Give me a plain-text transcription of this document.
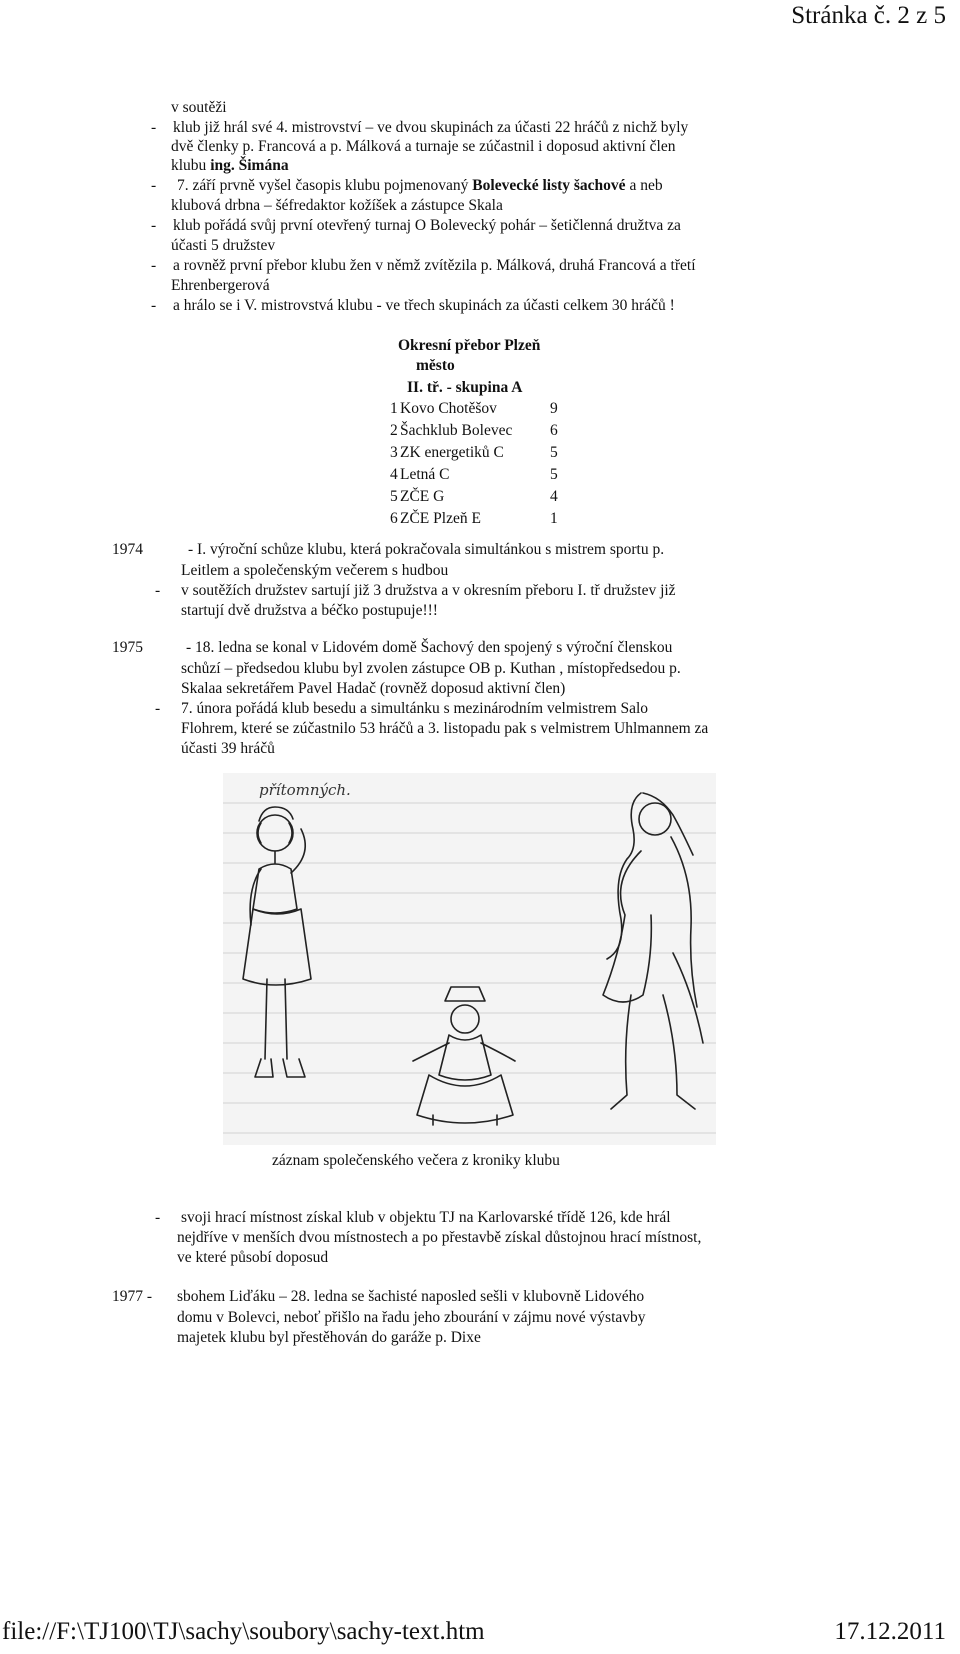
Stránka č. 2 z 5
v soutěži
- klub již hrál své 4. mistrovství – ve dvou skupinách za účasti 22 hráčů z nichž byly
dvě členky p. Francová a p. Málková a turnaje se zúčastnil i doposud aktivní člen
klubu ing. Šimána
- 7. září prvně vyšel časopis klubu pojmenovaný Bolevecké listy šachové a neb
klubová drbna – šéfredaktor kožíšek a zástupce Skala
- klub pořádá svůj první otevřený turnaj O Bolevecký pohár – šetičlenná družtva za
účasti 5 družstev
- a rovněž první přebor klubu žen v němž zvítězila p. Málková, druhá Francová a třetí
Ehrenbergerová
- a hrálo se i V. mistrovstvá klubu - ve třech skupinách za účasti celkem 30 hráčů !
Okresní přebor Plzeň
město
II. tř. - skupina A
1	Kovo Chotěšov	9
2	Šachklub Bolevec	6
3	ZK energetiků C	5
4	Letná C	5
5	ZČE G	4
6	ZČE Plzeň E	1
1974	- I. výroční schůze klubu, která pokračovala simultánkou s mistrem sportu p.
Leitlem a společenským večerem s hudbou
- v soutěžích družstev sartují již 3 družstva a v okresním přeboru I. tř družstev již
startují dvě družstva a béčko postupuje!!!
1975	- 18. ledna se konal v Lidovém domě Šachový den spojený s výroční členskou
schůzí – předsedou klubu byl zvolen zástupce OB p. Kuthan , místopředsedou p.
Skalaa sekretářem Pavel Hadač (rovněž doposud aktivní člen)
- 7. února pořádá klub besedu a simultánku s mezinárodním velmistrem Salo
Flohrem, které se zúčastnilo 53 hráčů a 3. listopadu pak s velmistrem Uhlmannem za
účasti 39 hráčů
přítomných.
záznam společenského večera z kroniky klubu
- svoji hrací místnost získal klub v objektu TJ na Karlovarské třídě 126, kde hrál
nejdříve v menších dvou místnostech a po přestavbě získal důstojnou hrací místnost,
ve které působí doposud
1977 - sbohem Liďáku – 28. ledna se šachisté naposled sešli v klubovně Lidového
domu v Bolevci, neboť přišlo na řadu jeho zbourání v zájmu nové výstavby
majetek klubu byl přestěhován do garáže p. Dixe
file://F:\TJ100\TJ\sachy\soubory\sachy-text.htm	17.12.2011
